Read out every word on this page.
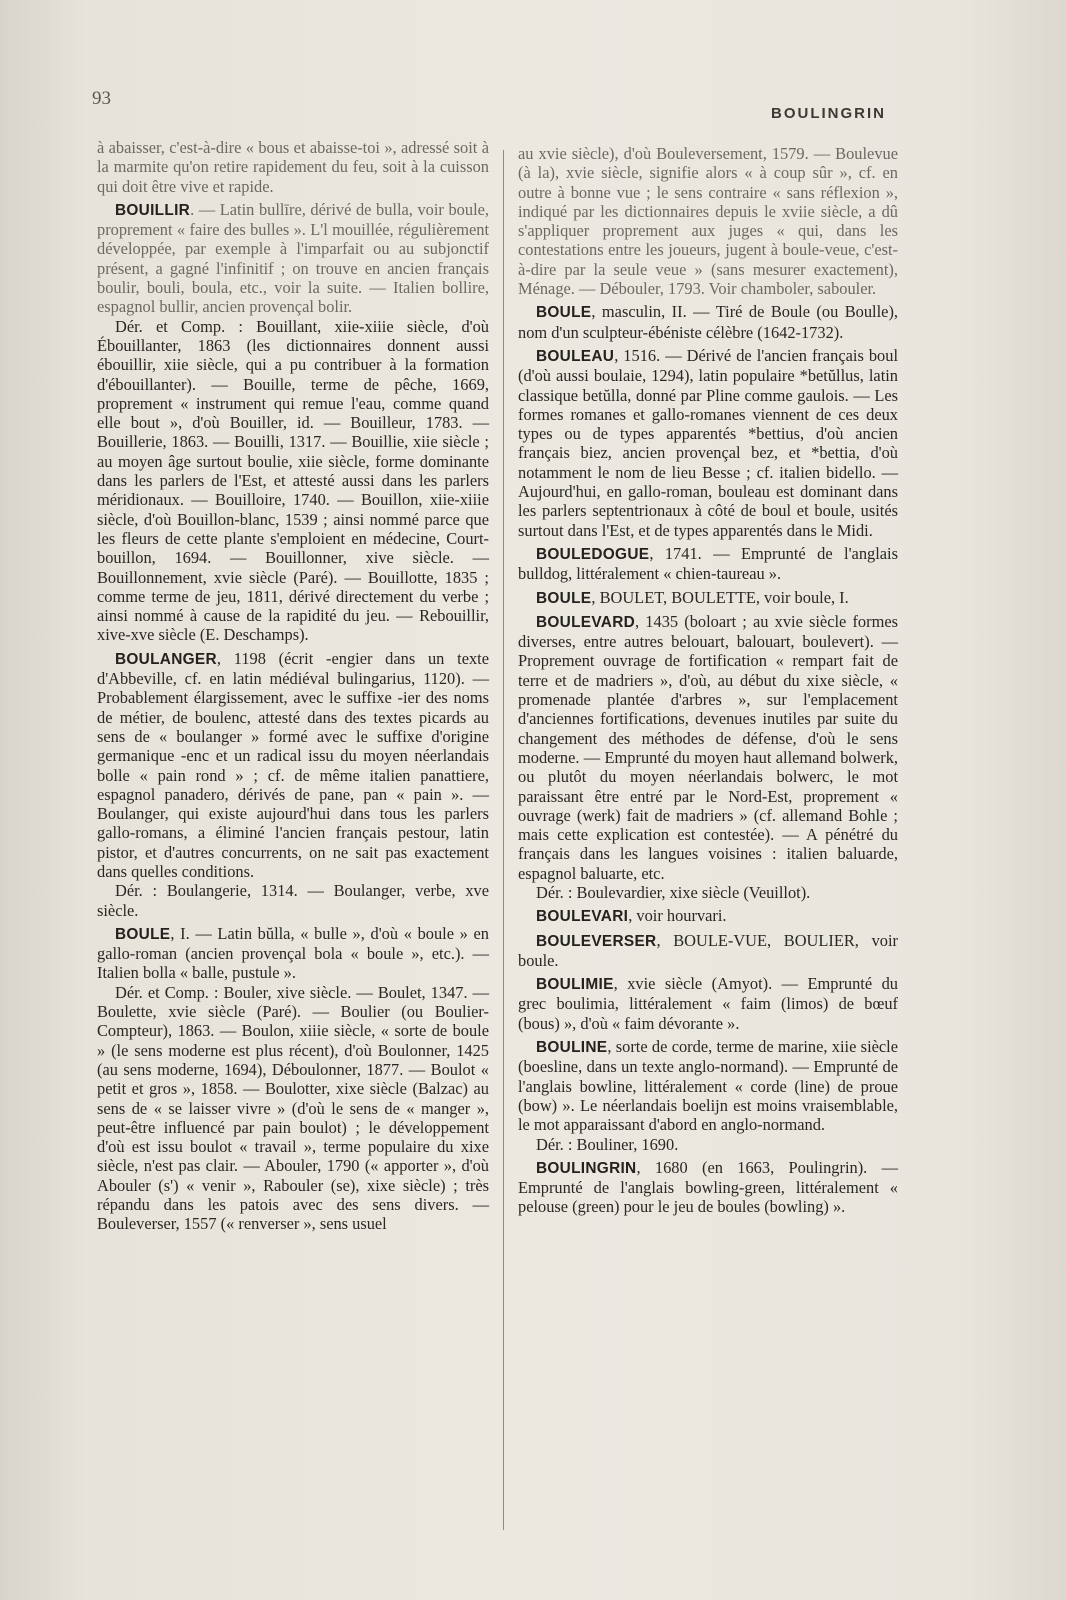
93
BOULINGRIN

à abaisser, c'est-à-dire « bous et abaisse-toi », adressé soit à la marmite qu'on retire rapidement du feu, soit à la cuisson qui doit être vive et rapide.

BOUILLIR. — Latin bullīre, dérivé de bulla, voir boule, proprement « faire des bulles ». L'l mouillée, régulièrement développée, par exemple à l'imparfait ou au subjonctif présent, a gagné l'infinitif ; on trouve en ancien français boulir, bouli, boula, etc., voir la suite. — Italien bollire, espagnol bullir, ancien provençal bolir.

Dér. et Comp. : Bouillant, xiie-xiiie siècle, d'où Ébouillanter, 1863 (les dictionnaires donnent aussi ébouillir, xiie siècle, qui a pu contribuer à la formation d'ébouillanter). — Bouille, terme de pêche, 1669, proprement « instrument qui remue l'eau, comme quand elle bout », d'où Bouiller, id. — Bouilleur, 1783. — Bouillerie, 1863. — Bouilli, 1317. — Bouillie, xiie siècle ; au moyen âge surtout boulie, xiie siècle, forme dominante dans les parlers de l'Est, et attesté aussi dans les parlers méridionaux. — Bouilloire, 1740. — Bouillon, xiie-xiiie siècle, d'où Bouillon-blanc, 1539 ; ainsi nommé parce que les fleurs de cette plante s'emploient en médecine, Court-bouillon, 1694. — Bouillonner, xive siècle. — Bouillonnement, xvie siècle (Paré). — Bouillotte, 1835 ; comme terme de jeu, 1811, dérivé directement du verbe ; ainsi nommé à cause de la rapidité du jeu. — Rebouillir, xive-xve siècle (E. Deschamps).

BOULANGER, 1198 (écrit -engier dans un texte d'Abbeville, cf. en latin médiéval bulingarius, 1120). — Probablement élargissement, avec le suffixe -ier des noms de métier, de boulenc, attesté dans des textes picards au sens de « boulanger » formé avec le suffixe d'origine germanique -enc et un radical issu du moyen néerlandais bolle « pain rond » ; cf. de même italien panattiere, espagnol panadero, dérivés de pane, pan « pain ». — Boulanger, qui existe aujourd'hui dans tous les parlers gallo-romans, a éliminé l'ancien français pestour, latin pistor, et d'autres concurrents, on ne sait pas exactement dans quelles conditions.

Dér. : Boulangerie, 1314. — Boulanger, verbe, xve siècle.

BOULE, I. — Latin bŭlla, « bulle », d'où « boule » en gallo-roman (ancien provençal bola « boule », etc.). — Italien bolla « balle, pustule ».

Dér. et Comp. : Bouler, xive siècle. — Boulet, 1347. — Boulette, xvie siècle (Paré). — Boulier (ou Boulier-Compteur), 1863. — Boulon, xiiie siècle, « sorte de boule » (le sens moderne est plus récent), d'où Boulonner, 1425 (au sens moderne, 1694), Déboulonner, 1877. — Boulot « petit et gros », 1858. — Boulotter, xixe siècle (Balzac) au sens de « se laisser vivre » (d'où le sens de « manger », peut-être influencé par pain boulot) ; le développement d'où est issu boulot « travail », terme populaire du xixe siècle, n'est pas clair. — Abouler, 1790 (« apporter », d'où Abouler (s') « venir », Rabouler (se), xixe siècle) ; très répandu dans les patois avec des sens divers. — Bouleverser, 1557 (« renverser », sens usuel

au xvie siècle), d'où Bouleversement, 1579. — Boulevue (à la), xvie siècle, signifie alors « à coup sûr », cf. en outre à bonne vue ; le sens contraire « sans réflexion », indiqué par les dictionnaires depuis le xviie siècle, a dû s'appliquer proprement aux juges « qui, dans les contestations entre les joueurs, jugent à boule-veue, c'est-à-dire par la seule veue » (sans mesurer exactement), Ménage. — Débouler, 1793. Voir chamboler, sabouler.

BOULE, masculin, II. — Tiré de Boule (ou Boulle), nom d'un sculpteur-ébéniste célèbre (1642-1732).

BOULEAU, 1516. — Dérivé de l'ancien français boul (d'où aussi boulaie, 1294), latin populaire *betŭllus, latin classique betŭlla, donné par Pline comme gaulois. — Les formes romanes et gallo-romanes viennent de ces deux types ou de types apparentés *bettius, d'où ancien français biez, ancien provençal bez, et *bettia, d'où notamment le nom de lieu Besse ; cf. italien bidello. — Aujourd'hui, en gallo-roman, bouleau est dominant dans les parlers septentrionaux à côté de boul et boule, usités surtout dans l'Est, et de types apparentés dans le Midi.

BOULEDOGUE, 1741. — Emprunté de l'anglais bulldog, littéralement « chien-taureau ».

BOULE, BOULET, BOULETTE, voir boule, I.

BOULEVARD, 1435 (boloart ; au xvie siècle formes diverses, entre autres belouart, balouart, boulevert). — Proprement ouvrage de fortification « rempart fait de terre et de madriers », d'où, au début du xixe siècle, « promenade plantée d'arbres », sur l'emplacement d'anciennes fortifications, devenues inutiles par suite du changement des méthodes de défense, d'où le sens moderne. — Emprunté du moyen haut allemand bolwerk, ou plutôt du moyen néerlandais bolwerc, le mot paraissant être entré par le Nord-Est, proprement « ouvrage (werk) fait de madriers » (cf. allemand Bohle ; mais cette explication est contestée). — A pénétré du français dans les langues voisines : italien baluarde, espagnol baluarte, etc.

Dér. : Boulevardier, xixe siècle (Veuillot).

BOULEVARI, voir hourvari.

BOULEVERSER, BOULE-VUE, BOULIER, voir boule.

BOULIMIE, xvie siècle (Amyot). — Emprunté du grec boulimia, littéralement « faim (limos) de bœuf (bous) », d'où « faim dévorante ».

BOULINE, sorte de corde, terme de marine, xiie siècle (boesline, dans un texte anglo-normand). — Emprunté de l'anglais bowline, littéralement « corde (line) de proue (bow) ». Le néerlandais boelijn est moins vraisemblable, le mot apparaissant d'abord en anglo-normand.

Dér. : Bouliner, 1690.

BOULINGRIN, 1680 (en 1663, Poulingrin). — Emprunté de l'anglais bowling-green, littéralement « pelouse (green) pour le jeu de boules (bowling) ».
